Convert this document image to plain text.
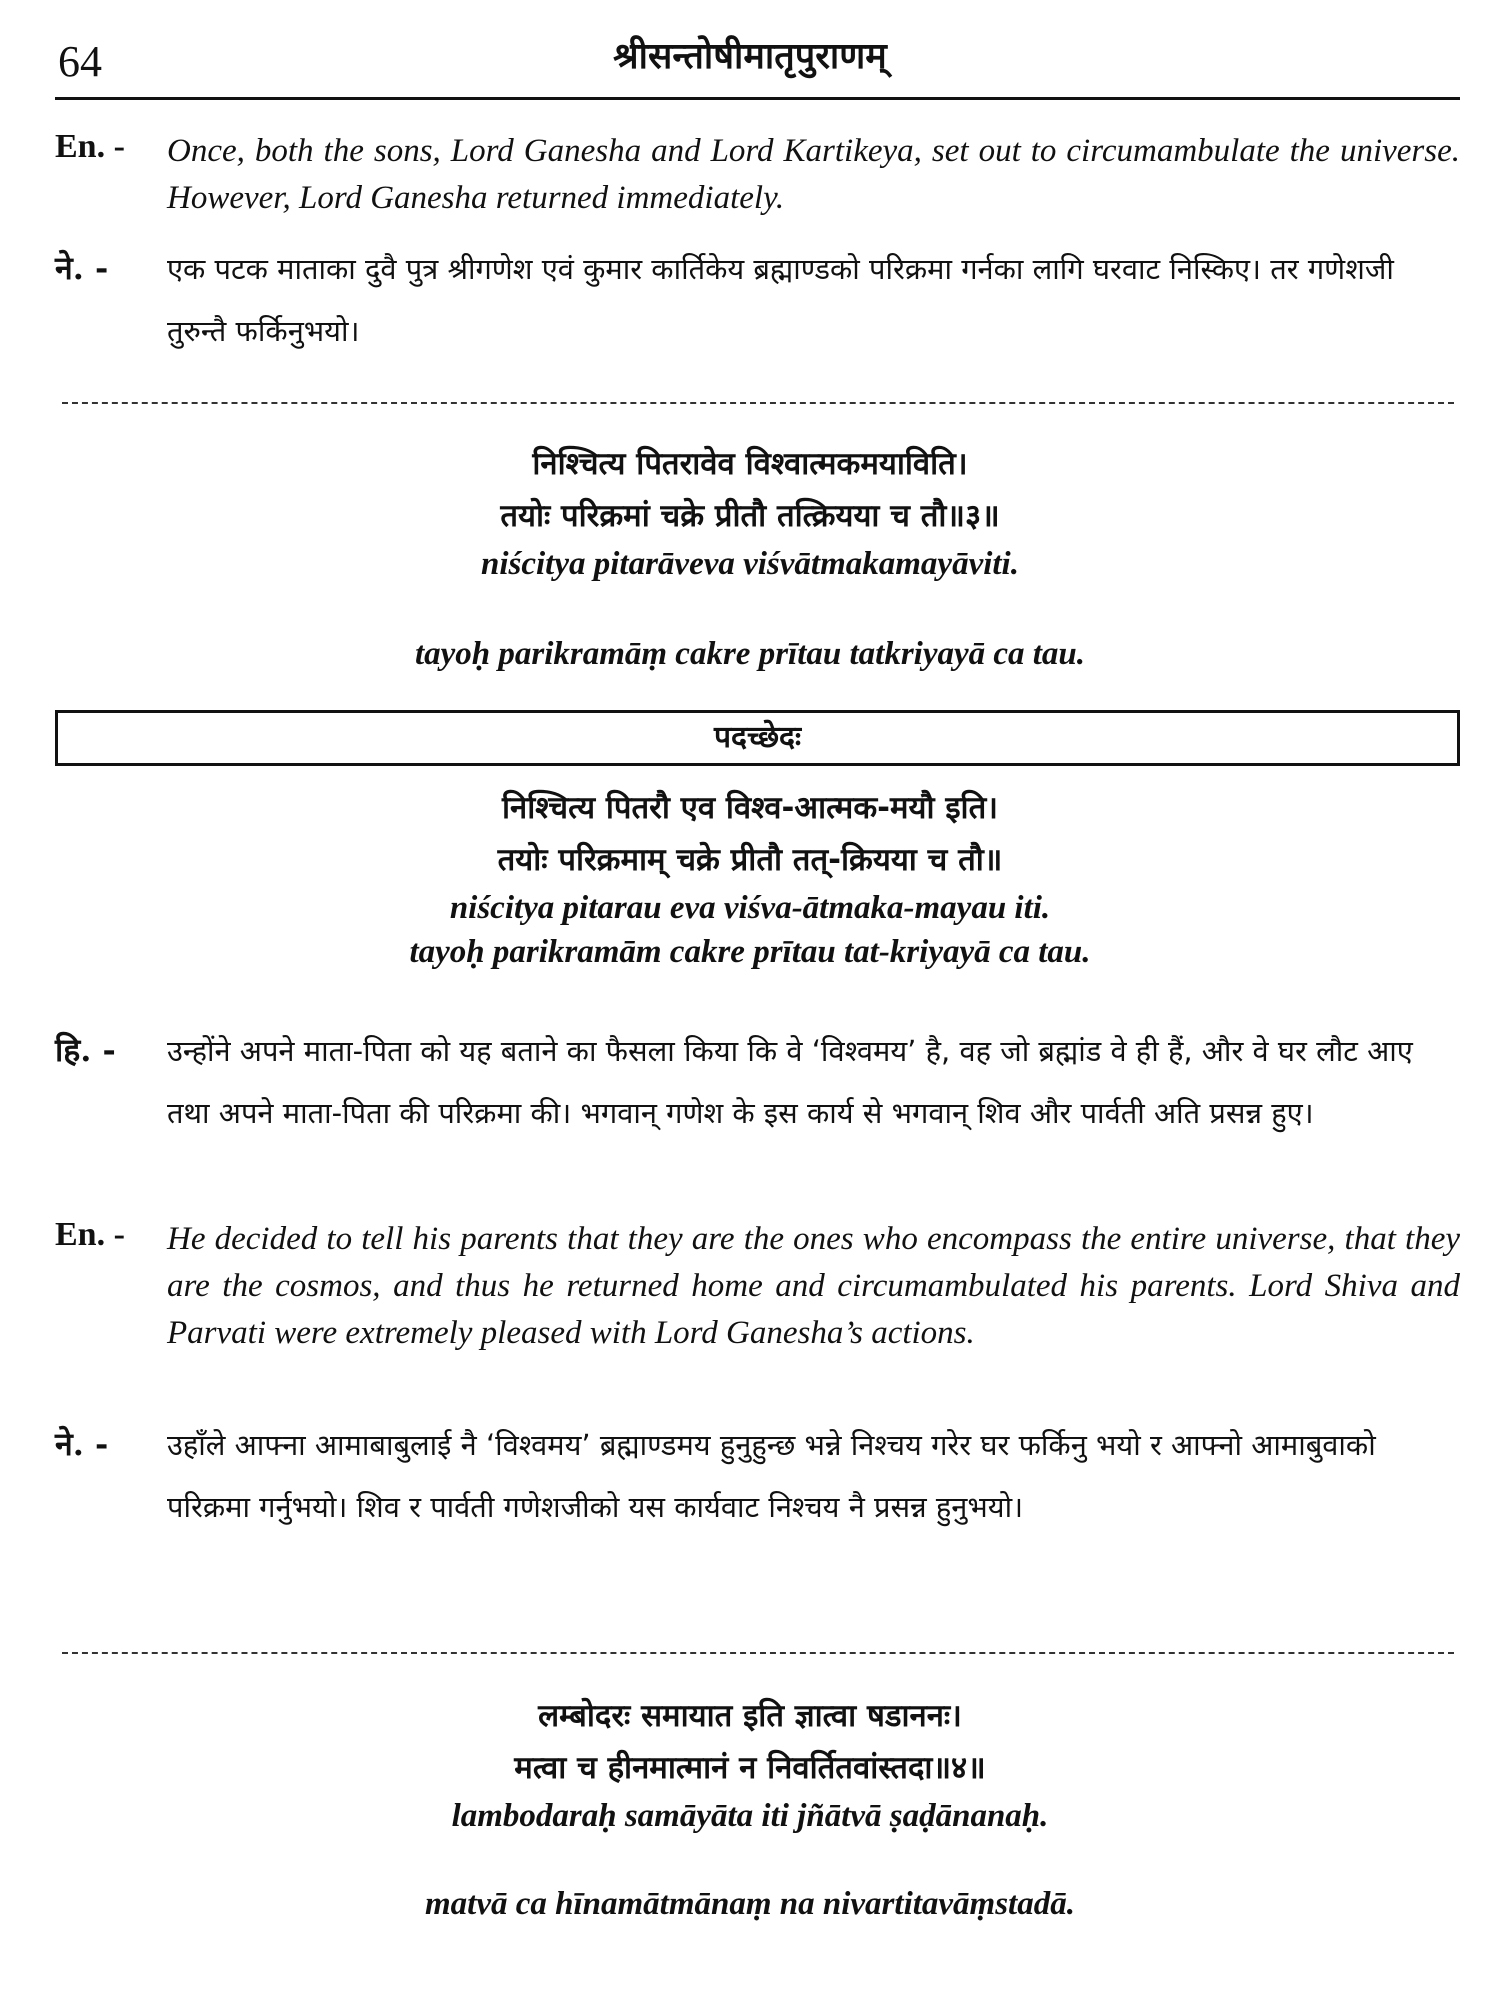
64	श्रीसन्तोषीमातृपुराणम्
En. - Once, both the sons, Lord Ganesha and Lord Kartikeya, set out to circumambulate the universe. However, Lord Ganesha returned immediately.
ने. - एक पटक माताका दुवै पुत्र श्रीगणेश एवं कुमार कार्तिकेय ब्रह्माण्डको परिक्रमा गर्नका लागि घरवाट निस्किए। तर गणेशजी तुरुन्तै फर्किनुभयो।

निश्चित्य पितरावेव विश्वात्मकमयाविति।

तयोः परिक्रमां चक्रे प्रीतौ तत्क्रियया च तौ॥३॥

niścitya pitarāveva viśvātmakamayāviti.

tayoḥ parikramāṃ cakre prītau tatkriyayā ca tau.

पदच्छेदः

निश्चित्य पितरौ एव विश्व-आत्मक-मयौ इति।

तयोः परिक्रमाम् चक्रे प्रीतौ तत्-क्रियया च तौ॥

niścitya pitarau eva viśva-ātmaka-mayau iti.

tayoḥ parikramām cakre prītau tat-kriyayā ca tau.

हि. - उन्होंने अपने माता-पिता को यह बताने का फैसला किया कि वे ‘विश्वमय’ है, वह जो ब्रह्मांड वे ही हैं, और वे घर लौट आए तथा अपने माता-पिता की परिक्रमा की। भगवान् गणेश के इस कार्य से भगवान् शिव और पार्वती अति प्रसन्न हुए।
En. - He decided to tell his parents that they are the ones who encompass the entire universe, that they are the cosmos, and thus he returned home and circumambulated his parents. Lord Shiva and Parvati were extremely pleased with Lord Ganesha’s actions.
ने. - उहाँले आफ्ना आमाबाबुलाई नै ‘विश्वमय’ ब्रह्माण्डमय हुनुहुन्छ भन्ने निश्चय गरेर घर फर्किनु भयो र आफ्नो आमाबुवाको परिक्रमा गर्नुभयो। शिव र पार्वती गणेशजीको यस कार्यवाट निश्चय नै प्रसन्न हुनुभयो।

लम्बोदरः समायात इति ज्ञात्वा षडाननः।

मत्वा च हीनमात्मानं न निवर्तितवांस्तदा॥४॥

lambodaraḥ samāyāta iti jñātvā ṣaḍānanaḥ.

matvā ca hīnamātmānaṃ na nivartitavāṃstadā.
